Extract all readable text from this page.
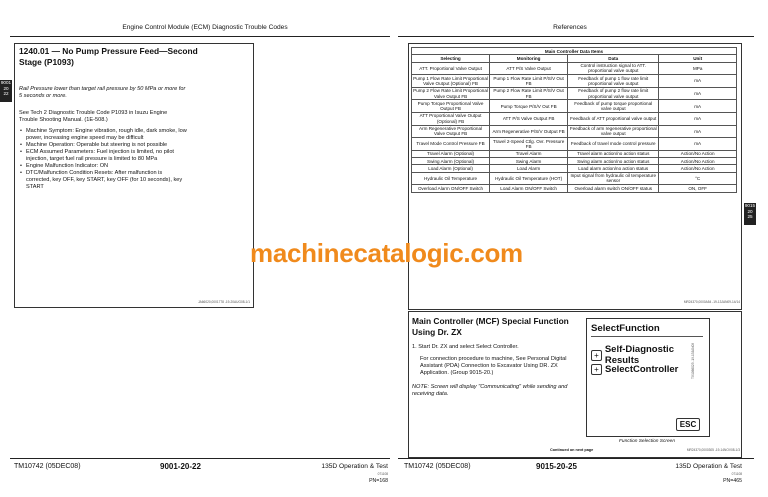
Engine Control Module (ECM) Diagnostic Trouble Codes
1240.01 — No Pump Pressure Feed—Second Stage (P1093)
9001
20
22
Rail Pressure lower than target rail pressure by 50 MPa or more for 5 seconds or more.
See Tech 2 Diagnostic Trouble Code P1093 in Isuzu Engine Trouble Shooting Manual. (1E-508.)
• Machine Symptom: Engine vibration, rough idle, dark smoke, low power, increasing engine speed may be difficult
• Machine Operation: Operable but steering is not possible
• ECM Assumed Parameters: Fuel injection is limited, no pilot injection, target fuel rail pressure is limited to 80 MPa
• Engine Malfunction Indicator: ON
• DTC/Malfunction Condition Resets: After malfunction is corrected, key OFF, key START, key OFF (for 10 seconds), key START
JA66020,0001778 -19-20AUG08-1/1
TM10742 (05DEC08)	9001-20-22	135D Operation & Test
071108
PN=168
References
9015
20
25
Main Controller Data Items			
Selecting	Monitoring	Data	Unit
ATT. Proportional Valve Output	ATT P/S Valve Output	Control instruction signal to ATT. proportional valve output	MPa
Pump 1 Flow Rate Limit Proportional Valve Output (Optional) FB	Pump 1 Flow Rate Limit P/S/V Out FB	Feedback of pump 1 flow rate limit proportional valve output	mA
Pump 2 Flow Rate Limit Proportional Valve Output FB	Pump 2 Flow Rate Limit P/S/V Out FB	Feedback of pump 2 flow rate limit proportional valve output	mA
Pump Torque Proportional Valve Output FB	Pump Torque P/S/V Out FB	Feedback of pump torque proportional valve output	mA
ATT Proportional Valve Output (Optional) FB	ATT P/S Valve Output FB	Feedback of ATT proportional valve output	mA
Arm Regenerative Proportional Valve Output FB	Arm Regenerative P/S/V Output FB	Feedback of arm regenerative proportional valve output	mA
Travel Mode Control Pressure FB	Travel 2-Speed Ctlg. Ovr. Pressure FB	Feedback of travel mode control pressure	mA
Travel Alarm (Optional)	Travel Alarm	Travel alarm action/no action status	Action/No Action
Swing Alarm (Optional)	Swing Alarm	Swing alarm action/no action status	Action/No Action
Load Alarm (Optional)	Load Alarm	Load alarm action/no action status	Action/No Action
Hydraulic Oil Temperature	Hydraulic Oil Temperature (HOT)	Input signal from hydraulic oil temperature sensor	°C
Overload Alarm ON/OFF Switch	Load Alarm ON/OFF Switch	Overload alarm switch ON/OFF status	ON, OFF
MR24370,0000A54 -19-13JAN09-14/14
Main Controller (MCF) Special Function Using Dr. ZX
1. Start Dr. ZX and select Select Controller.
For connection procedure to machine, See Personal Digital Assistant (PDA) Connection to Excavator Using DR. ZX Application. (Group 9015-20.)
NOTE: Screen will display "Communicating" while sending and receiving data.
SelectFunction
+ Self-Diagnostic Results
+ SelectController
ESC
TX1066023 -19-13JAN09
Function Selection Screen
Continued on next page	MR24370,0000305 -19-14NOV08-1/3
TM10742 (05DEC08)	9015-20-25	135D Operation & Test
071108
PN=465
machinecatalogic.com
